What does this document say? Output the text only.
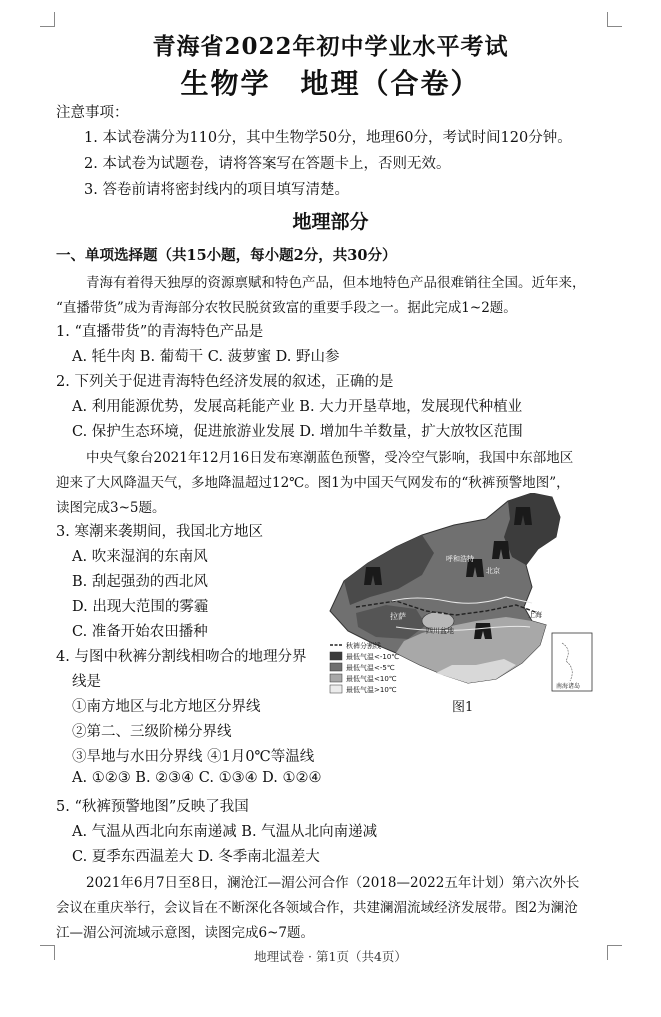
青海省2022年初中学业水平考试
生物学　地理（合卷）
注意事项：
1. 本试卷满分为110分，其中生物学50分，地理60分，考试时间120分钟。
2. 本试卷为试题卷，请将答案写在答题卡上，否则无效。
3. 答卷前请将密封线内的项目填写清楚。
地理部分
一、单项选择题（共15小题，每小题2分，共30分）
青海有着得天独厚的资源禀赋和特色产品，但本地特色产品很难销往全国。近年来，
“直播带货”成为青海部分农牧民脱贫致富的重要手段之一。据此完成1~2题。
1. “直播带货”的青海特色产品是
A. 牦牛肉 B. 葡萄干 C. 菠萝蜜 D. 野山参
2. 下列关于促进青海特色经济发展的叙述，正确的是
A. 利用能源优势，发展高耗能产业 B. 大力开垦草地，发展现代种植业
C. 保护生态环境，促进旅游业发展 D. 增加牛羊数量，扩大放牧区范围
中央气象台2021年12月16日发布寒潮蓝色预警，受冷空气影响，我国中东部地区
迎来了大风降温天气，多地降温超过12℃。图1为中国天气网发布的“秋裤预警地图”，
读图完成3~5题。
3. 寒潮来袭期间，我国北方地区
A. 吹来湿润的东南风
B. 刮起强劲的西北风
D. 出现大范围的雾霾
C. 准备开始农田播种
4. 与图中秋裤分割线相吻合的地理分界
线是
①南方地区与北方地区分界线
②第二、三级阶梯分界线
③旱地与水田分界线 ④1月0℃等温线
A. ①②③ B. ②③④ C. ①③④ D. ①②④
5. “秋裤预警地图”反映了我国
A. 气温从西北向东南递减 B. 气温从北向南递减
C. 夏季东西温差大 D. 冬季南北温差大
2021年6月7日至8日，澜沧江—湄公河合作（2018—2022五年计划）第六次外长
会议在重庆举行，会议旨在不断深化各领域合作，共建澜湄流域经济发展带。图2为澜沧
江—湄公河流域示意图，读图完成6~7题。
拉萨
四川盆地
上海
北京
呼和浩特
南海诸岛
秋裤分割线
最低气温<-10℃
最低气温<-5℃
最低气温<10℃
最低气温>10℃
图1
地理试卷 · 第1页（共4页）
